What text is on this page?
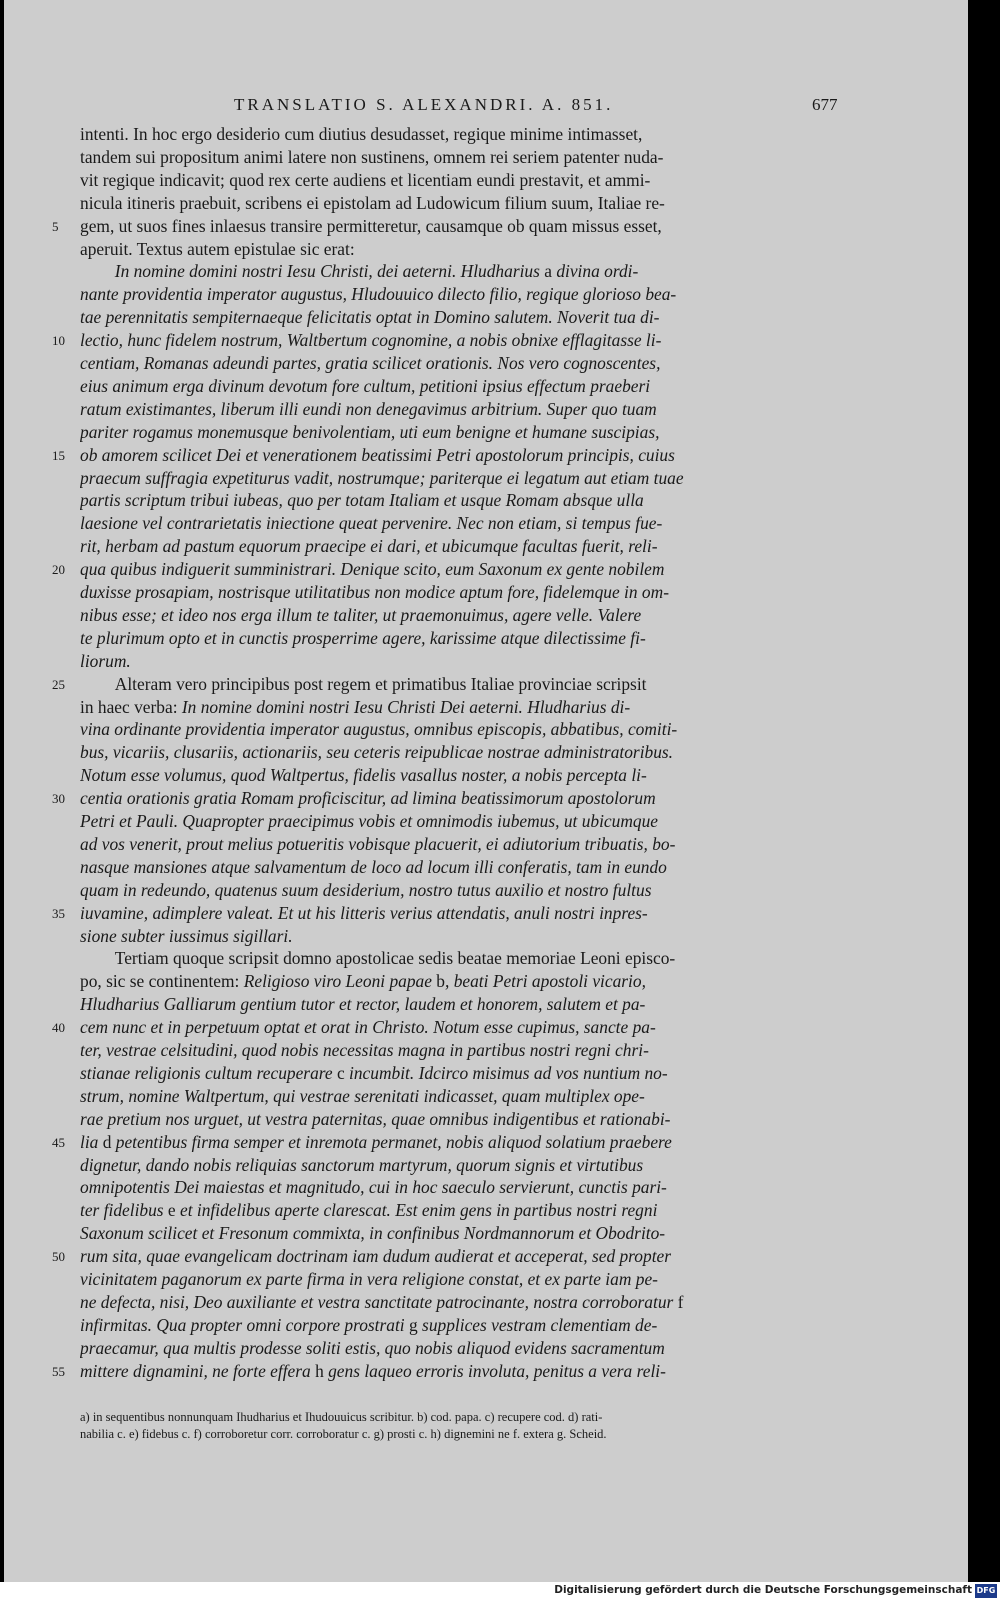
TRANSLATIO S. ALEXANDRI. A. 851.	677
intenti. In hoc ergo desiderio cum diutius desudasset, regique minime intimasset,
tandem sui propositum animi latere non sustinens, omnem rei seriem patenter nuda-
vit regique indicavit; quod rex certe audiens et licentiam eundi prestavit, et ammi-
nicula itineris praebuit, scribens ei epistolam ad Ludowicum filium suum, Italiae re-
5	gem, ut suos fines inlaesus transire permitteretur, causamque ob quam missus esset,
aperuit. Textus autem epistulae sic erat:
  In nomine domini nostri Iesu Christi, dei aeterni. Hludharius a divina ordi-
nante providentia imperator augustus, Hludouuico dilecto filio, regique glorioso bea-
tae perennitatis sempiternaeque felicitatis optat in Domino salutem. Noverit tua di-
10 lectio, hunc fidelem nostrum, Waltbertum cognomine, a nobis obnixe efflagitasse li-
centiam, Romanas adeundi partes, gratia scilicet orationis. Nos vero cognoscentes,
eius animum erga divinum devotum fore cultum, petitioni ipsius effectum praeberi
ratum existimantes, liberum illi eundi non denegavimus arbitrium. Super quo tuam
pariter rogamus monemusque benivolentiam, uti eum benigne et humane suscipias,
15 ob amorem scilicet Dei et venerationem beatissimi Petri apostolorum principis, cuius
praecum suffragia expetiturus vadit, nostrumque; pariterque ei legatum aut etiam tuae
partis scriptum tribui iubeas, quo per totam Italiam et usque Romam absque ulla
laesione vel contrarietatis iniectione queat pervenire. Nec non etiam, si tempus fue-
rit, herbam ad pastum equorum praecipe ei dari, et ubicumque facultas fuerit, reli-
20 qua quibus indiguerit sumministrari. Denique scito, eum Saxonum ex gente nobilem
duxisse prosapiam, nostrisque utilitatibus non modice aptum fore, fidelemque in om-
nibus esse; et ideo nos erga illum te taliter, ut praemonuimus, agere velle. Valere
te plurimum opto et in cunctis prosperrime agere, karissime atque dilectissime fi-
liorum.
25   Alteram vero principibus post regem et primatibus Italiae provinciae scripsit
in haec verba: In nomine domini nostri Iesu Christi Dei aeterni. Hludharius di-
vina ordinante providentia imperator augustus, omnibus episcopis, abbatibus, comiti-
bus, vicariis, clusariis, actionariis, seu ceteris reipublicae nostrae administratoribus.
Notum esse volumus, quod Waltpertus, fidelis vasallus noster, a nobis percepta li-
30 centia orationis gratia Romam proficiscitur, ad limina beatissimorum apostolorum
Petri et Pauli. Quapropter praecipimus vobis et omnimodis iubemus, ut ubicumque
ad vos venerit, prout melius potueritis vobisque placuerit, ei adiutorium tribuatis, bo-
nasque mansiones atque salvamentum de loco ad locum illi conferatis, tam in eundo
quam in redeundo, quatenus suum desiderium, nostro tutus auxilio et nostro fultus
35 iuvamine, adimplere valeat. Et ut his litteris verius attendatis, anuli nostri inpres-
sione subter iussimus sigillari.
  Tertiam quoque scripsit domno apostolicae sedis beatae memoriae Leoni episco-
po, sic se continentem: Religioso viro Leoni papae b, beati Petri apostoli vicario,
Hludharius Galliarum gentium tutor et rector, laudem et honorem, salutem et pa-
40 cem nunc et in perpetuum optat et orat in Christo. Notum esse cupimus, sancte pa-
ter, vestrae celsitudini, quod nobis necessitas magna in partibus nostri regni chri-
stianae religionis cultum recuperare c incumbit. Idcirco misimus ad vos nuntium no-
strum, nomine Waltpertum, qui vestrae serenitati indicasset, quam multiplex ope-
rae pretium nos urguet, ut vestra paternitas, quae omnibus indigentibus et rationabi-
45 lia d petentibus firma semper et inremota permanet, nobis aliquod solatium praebere
dignetur, dando nobis reliquias sanctorum martyrum, quorum signis et virtutibus
omnipotentis Dei maiestas et magnitudo, cui in hoc saeculo servierunt, cunctis pari-
ter fidelibus e et infidelibus aperte clarescat. Est enim gens in partibus nostri regni
Saxonum scilicet et Fresonum commixta, in confinibus Nordmannorum et Obodrito-
50 rum sita, quae evangelicam doctrinam iam dudum audierat et acceperat, sed propter
vicinitatem paganorum ex parte firma in vera religione constat, et ex parte iam pe-
ne defecta, nisi, Deo auxiliante et vestra sanctitate patrocinante, nostra corroboratur f
infirmitas. Qua propter omni corpore prostrati g supplices vestram clementiam de-
praecamur, qua multis prodesse soliti estis, quo nobis aliquod evidens sacramentum
55 mittere dignamini, ne forte effera h gens laqueo erroris involuta, penitus a vera reli-
a) in sequentibus nonnunquam Ihudharius et Ihudouuicus scribitur. b) cod. papa. c) recupere cod. d) rati-
nabilia c. e) fidebus c. f) corroboretur corr. corroboratur c. g) prosti c. h) dignemini ne f. extera g. Scheid.
Digitalisierung gefördert durch die Deutsche Forschungsgemeinschaft DFG
